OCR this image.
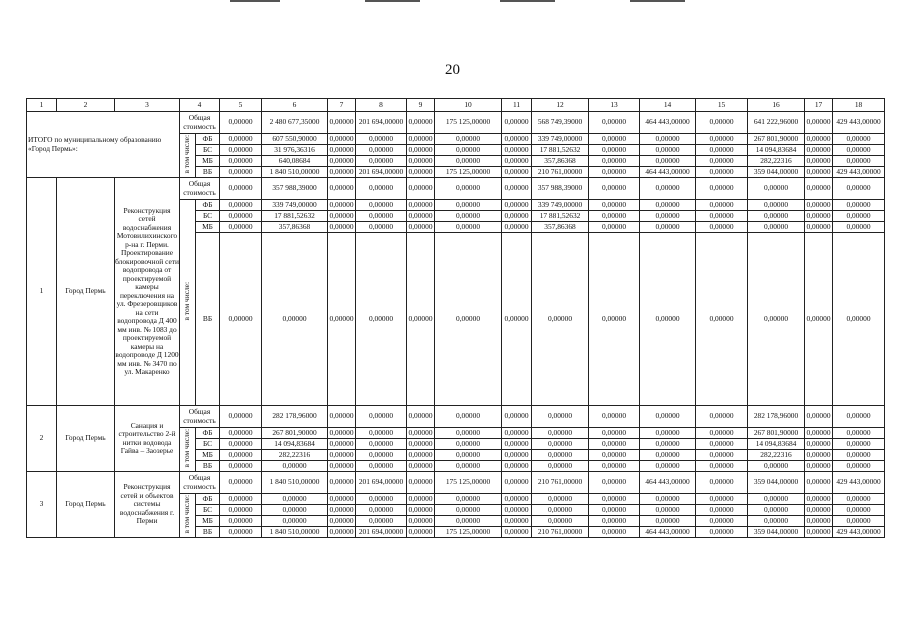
20
1	2	3	4		5	6	7	8	9	10	11	12	13	14	15	16	17	18
ИТОГО по муниципальному образованию «Город Пермь»:			Общая стоимость		0,00000	2 480 677,35000	0,00000	201 694,00000	0,00000	175 125,00000	0,00000	568 749,39000	0,00000	464 443,00000	0,00000	641 222,96000	0,00000	429 443,00000
			в том числе:	ФБ	0,00000	607 550,90000	0,00000	0,00000	0,00000	0,00000	0,00000	339 749,00000	0,00000	0,00000	0,00000	267 801,90000	0,00000	0,00000
				БС	0,00000	31 976,36316	0,00000	0,00000	0,00000	0,00000	0,00000	17 881,52632	0,00000	0,00000	0,00000	14 094,83684	0,00000	0,00000
				МБ	0,00000	640,08684	0,00000	0,00000	0,00000	0,00000	0,00000	357,86368	0,00000	0,00000	0,00000	282,22316	0,00000	0,00000
				ВБ	0,00000	1 840 510,00000	0,00000	201 694,00000	0,00000	175 125,00000	0,00000	210 761,00000	0,00000	464 443,00000	0,00000	359 044,00000	0,00000	429 443,00000
1	Город Пермь	Реконструкция сетей водоснабжения Мотовилихинского р-на г. Перми. Проектирование блокировочной сети водопровода от проектируемой камеры переключения на ул. Фрезеровщиков на сети водопровода Д 400 мм инв. № 1083 до проектируемой камеры на водопроводе Д 1200 мм инв. № 3470 по ул. Макаренко	Общая стоимость		0,00000	357 988,39000	0,00000	0,00000	0,00000	0,00000	0,00000	357 988,39000	0,00000	0,00000	0,00000	0,00000	0,00000	0,00000
			в том числе:	ФБ	0,00000	339 749,00000	0,00000	0,00000	0,00000	0,00000	0,00000	339 749,00000	0,00000	0,00000	0,00000	0,00000	0,00000	0,00000
				БС	0,00000	17 881,52632	0,00000	0,00000	0,00000	0,00000	0,00000	17 881,52632	0,00000	0,00000	0,00000	0,00000	0,00000	0,00000
				МБ	0,00000	357,86368	0,00000	0,00000	0,00000	0,00000	0,00000	357,86368	0,00000	0,00000	0,00000	0,00000	0,00000	0,00000
				ВБ	0,00000	0,00000	0,00000	0,00000	0,00000	0,00000	0,00000	0,00000	0,00000	0,00000	0,00000	0,00000	0,00000	0,00000
2	Город Пермь	Санация и строительство 2-й нитки водовода Гайва – Заозерье	Общая стоимость		0,00000	282 178,96000	0,00000	0,00000	0,00000	0,00000	0,00000	0,00000	0,00000	0,00000	0,00000	282 178,96000	0,00000	0,00000
			в том числе:	ФБ	0,00000	267 801,90000	0,00000	0,00000	0,00000	0,00000	0,00000	0,00000	0,00000	0,00000	0,00000	267 801,90000	0,00000	0,00000
				БС	0,00000	14 094,83684	0,00000	0,00000	0,00000	0,00000	0,00000	0,00000	0,00000	0,00000	0,00000	14 094,83684	0,00000	0,00000
				МБ	0,00000	282,22316	0,00000	0,00000	0,00000	0,00000	0,00000	0,00000	0,00000	0,00000	0,00000	282,22316	0,00000	0,00000
				ВБ	0,00000	0,00000	0,00000	0,00000	0,00000	0,00000	0,00000	0,00000	0,00000	0,00000	0,00000	0,00000	0,00000	0,00000
3	Город Пермь	Реконструкция сетей и объектов системы водоснабжения г. Перми	Общая стоимость		0,00000	1 840 510,00000	0,00000	201 694,00000	0,00000	175 125,00000	0,00000	210 761,00000	0,00000	464 443,00000	0,00000	359 044,00000	0,00000	429 443,00000
			в том числе:	ФБ	0,00000	0,00000	0,00000	0,00000	0,00000	0,00000	0,00000	0,00000	0,00000	0,00000	0,00000	0,00000	0,00000	0,00000
				БС	0,00000	0,00000	0,00000	0,00000	0,00000	0,00000	0,00000	0,00000	0,00000	0,00000	0,00000	0,00000	0,00000	0,00000
				МБ	0,00000	0,00000	0,00000	0,00000	0,00000	0,00000	0,00000	0,00000	0,00000	0,00000	0,00000	0,00000	0,00000	0,00000
				ВБ	0,00000	1 840 510,00000	0,00000	201 694,00000	0,00000	175 125,00000	0,00000	210 761,00000	0,00000	464 443,00000	0,00000	359 044,00000	0,00000	429 443,00000
